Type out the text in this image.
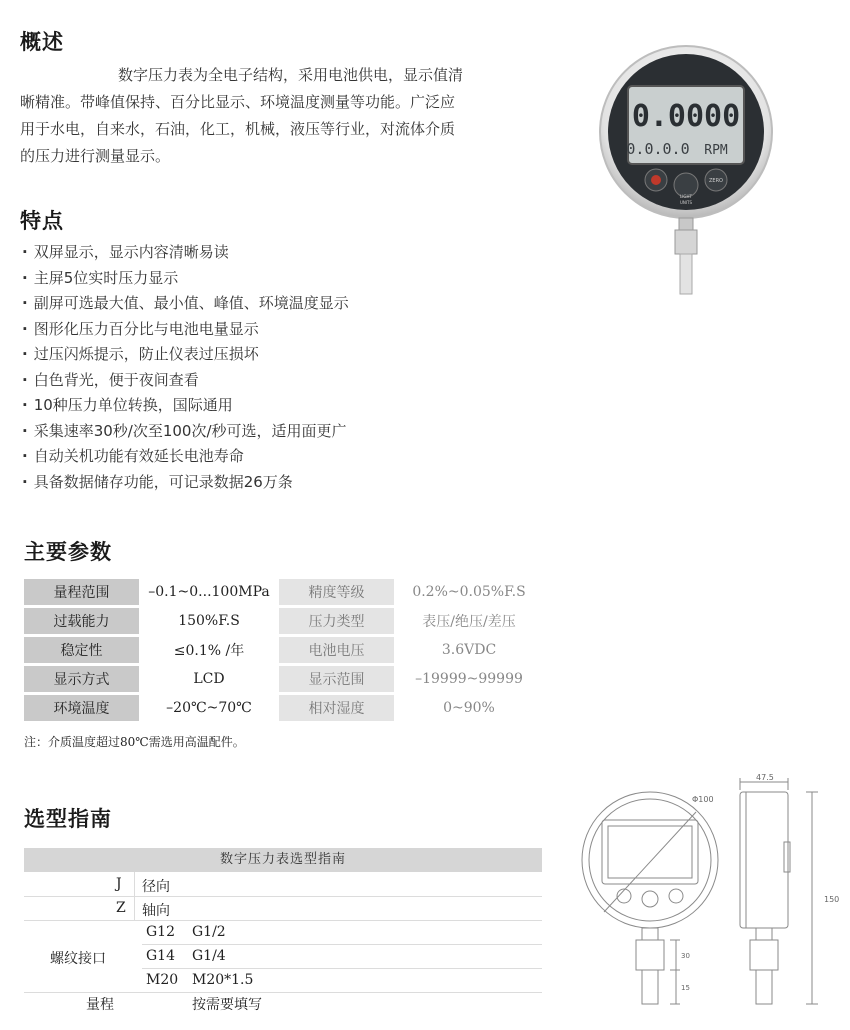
概述
数字压力表为全电子结构，采用电池供电，显示值清
晰精准。带峰值保持、百分比显示、环境温度测量等功能。广泛应
用于水电，自来水，石油，化工，机械，液压等行业，对流体介质
的压力进行测量显示。
0.0000
0.0.0.0 RPM
UNITS
LIGHT
ZERO
特点
· 双屏显示，显示内容清晰易读
· 主屏5位实时压力显示
· 副屏可选最大值、最小值、峰值、环境温度显示
· 图形化压力百分比与电池电量显示
· 过压闪烁提示，防止仪表过压损坏
· 白色背光，便于夜间查看
· 10种压力单位转换，国际通用
· 采集速率30秒/次至100次/秒可选，适用面更广
· 自动关机功能有效延长电池寿命
· 具备数据储存功能，可记录数据26万条
主要参数
量程范围	–0.1~0...100MPa	精度等级	0.2%~0.05%F.S
过载能力	150%F.S	压力类型	表压/绝压/差压
稳定性	≤0.1% /年	电池电压	3.6VDC
显示方式	LCD	显示范围	–19999~99999
环境温度	–20℃~70℃	相对湿度	0~90%
注：介质温度超过80℃需选用高温配件。
选型指南
数字压力表选型指南
J 径向
Z 轴向
螺纹接口
G12 G1/2
G14 G1/4
M20 M20*1.5
量程	按需要填写
Φ100
47.5
150
30
15
